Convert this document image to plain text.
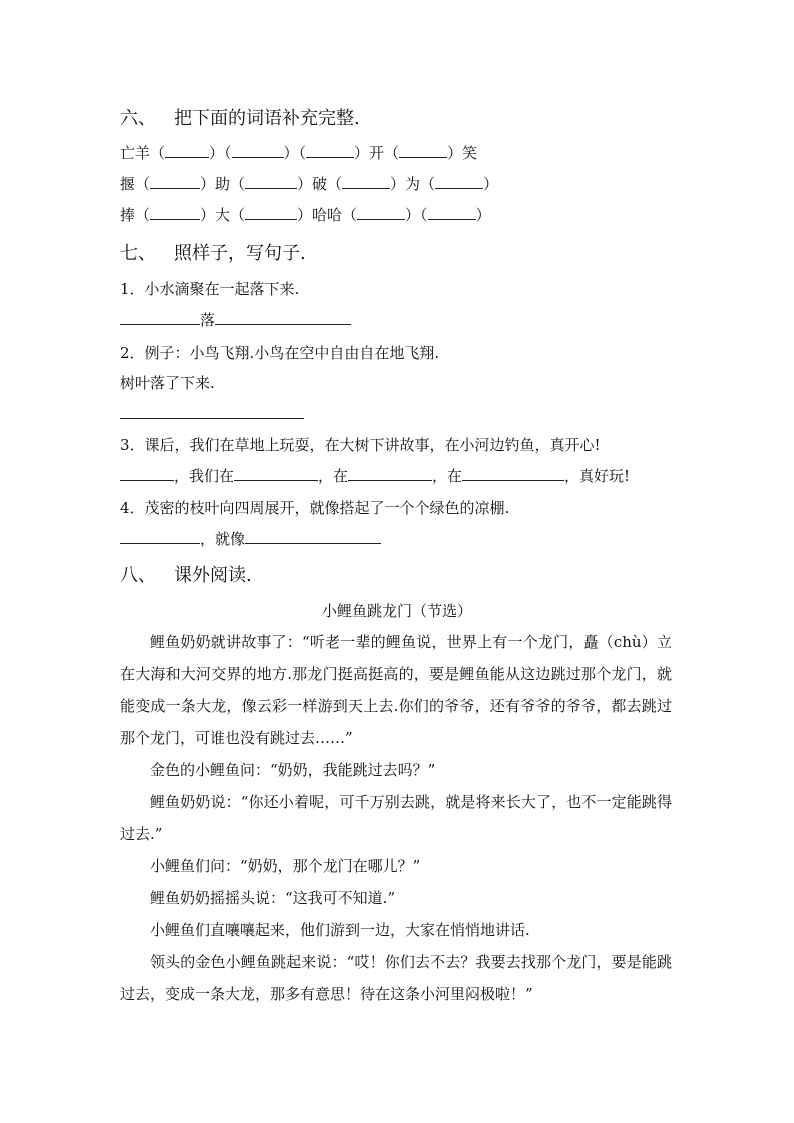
六、 把下面的词语补充完整.
亡羊（	）（	）（	）开（	）笑
揠（	）助（	）破（	）为（	）
捧（	）大（	）哈哈（	）（	）
七、 照样子，写句子.
1．小水滴聚在一起落下来.
落
2．例子：小鸟飞翔.小鸟在空中自由自在地飞翔.
树叶落了下来.
3．课后，我们在草地上玩耍，在大树下讲故事，在小河边钓鱼，真开心!
，我们在	，在	，在	，真好玩!
4．茂密的枝叶向四周展开，就像搭起了一个个绿色的凉棚.
，就像
八、 课外阅读.
小鲤鱼跳龙门（节选）
鲤鱼奶奶就讲故事了：“听老一辈的鲤鱼说，世界上有一个龙门，矗（chù）立在大海和大河交界的地方.那龙门挺高挺高的，要是鲤鱼能从这边跳过那个龙门，就能变成一条大龙，像云彩一样游到天上去.你们的爷爷，还有爷爷的爷爷，都去跳过那个龙门，可谁也没有跳过去……”
金色的小鲤鱼问：“奶奶，我能跳过去吗？”
鲤鱼奶奶说：“你还小着呢，可千万别去跳，就是将来长大了，也不一定能跳得过去.”
小鲤鱼们问：“奶奶，那个龙门在哪儿？”
鲤鱼奶奶摇摇头说：“这我可不知道.”
小鲤鱼们直嚷嚷起来，他们游到一边，大家在悄悄地讲话.
领头的金色小鲤鱼跳起来说：“哎！你们去不去？我要去找那个龙门，要是能跳过去，变成一条大龙，那多有意思！待在这条小河里闷极啦！”
